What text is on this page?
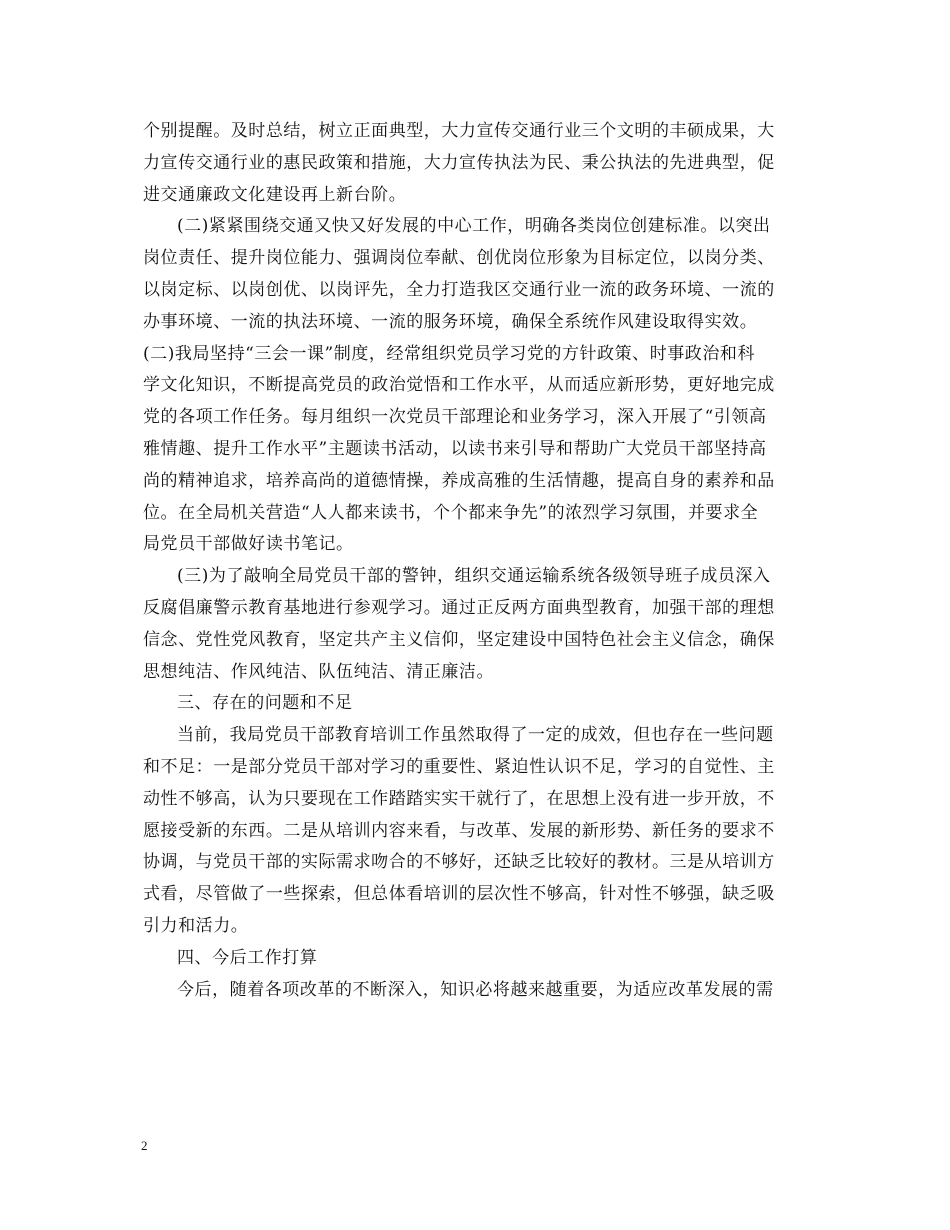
个别提醒。及时总结，树立正面典型，大力宣传交通行业三个文明的丰硕成果，大
力宣传交通行业的惠民政策和措施，大力宣传执法为民、秉公执法的先进典型，促
进交通廉政文化建设再上新台阶。
(二)紧紧围绕交通又快又好发展的中心工作，明确各类岗位创建标准。以突出
岗位责任、提升岗位能力、强调岗位奉献、创优岗位形象为目标定位，以岗分类、
以岗定标、以岗创优、以岗评先，全力打造我区交通行业一流的政务环境、一流的
办事环境、一流的执法环境、一流的服务环境，确保全系统作风建设取得实效。
(二)我局坚持“三会一课”制度，经常组织党员学习党的方针政策、时事政治和科
学文化知识，不断提高党员的政治觉悟和工作水平，从而适应新形势，更好地完成
党的各项工作任务。每月组织一次党员干部理论和业务学习，深入开展了“引领高
雅情趣、提升工作水平”主题读书活动，以读书来引导和帮助广大党员干部坚持高
尚的精神追求，培养高尚的道德情操，养成高雅的生活情趣，提高自身的素养和品
位。在全局机关营造“人人都来读书，个个都来争先”的浓烈学习氛围，并要求全
局党员干部做好读书笔记。
(三)为了敲响全局党员干部的警钟，组织交通运输系统各级领导班子成员深入
反腐倡廉警示教育基地进行参观学习。通过正反两方面典型教育，加强干部的理想
信念、党性党风教育，坚定共产主义信仰，坚定建设中国特色社会主义信念，确保
思想纯洁、作风纯洁、队伍纯洁、清正廉洁。
三、存在的问题和不足
当前，我局党员干部教育培训工作虽然取得了一定的成效，但也存在一些问题
和不足：一是部分党员干部对学习的重要性、紧迫性认识不足，学习的自觉性、主
动性不够高，认为只要现在工作踏踏实实干就行了，在思想上没有进一步开放，不
愿接受新的东西。二是从培训内容来看，与改革、发展的新形势、新任务的要求不
协调，与党员干部的实际需求吻合的不够好，还缺乏比较好的教材。三是从培训方
式看，尽管做了一些探索，但总体看培训的层次性不够高，针对性不够强，缺乏吸
引力和活力。
四、今后工作打算
今后，随着各项改革的不断深入，知识必将越来越重要，为适应改革发展的需
2
